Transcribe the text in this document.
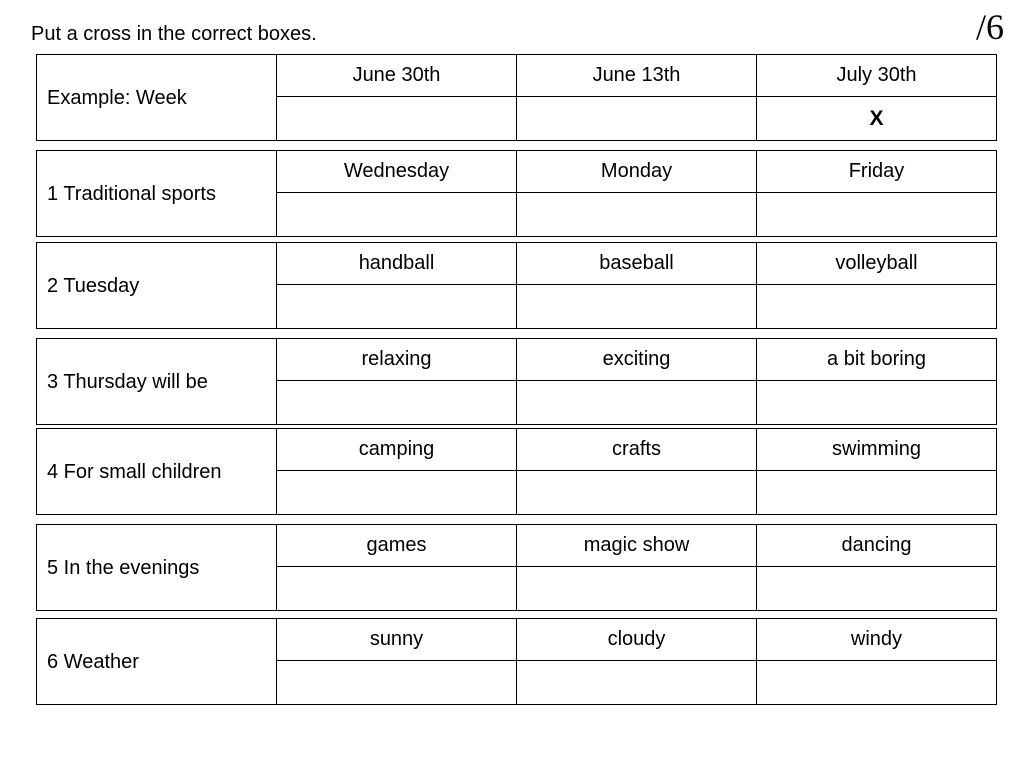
Put a cross in the correct boxes.	/6
Example: Week	June 30th	June 13th	July 30th
			X
1 Traditional sports	Wednesday	Monday	Friday

2 Tuesday	handball	baseball	volleyball

3 Thursday will be	relaxing	exciting	a bit boring

4 For small children	camping	crafts	swimming

5 In the evenings	games	magic show	dancing

6 Weather	sunny	cloudy	windy
